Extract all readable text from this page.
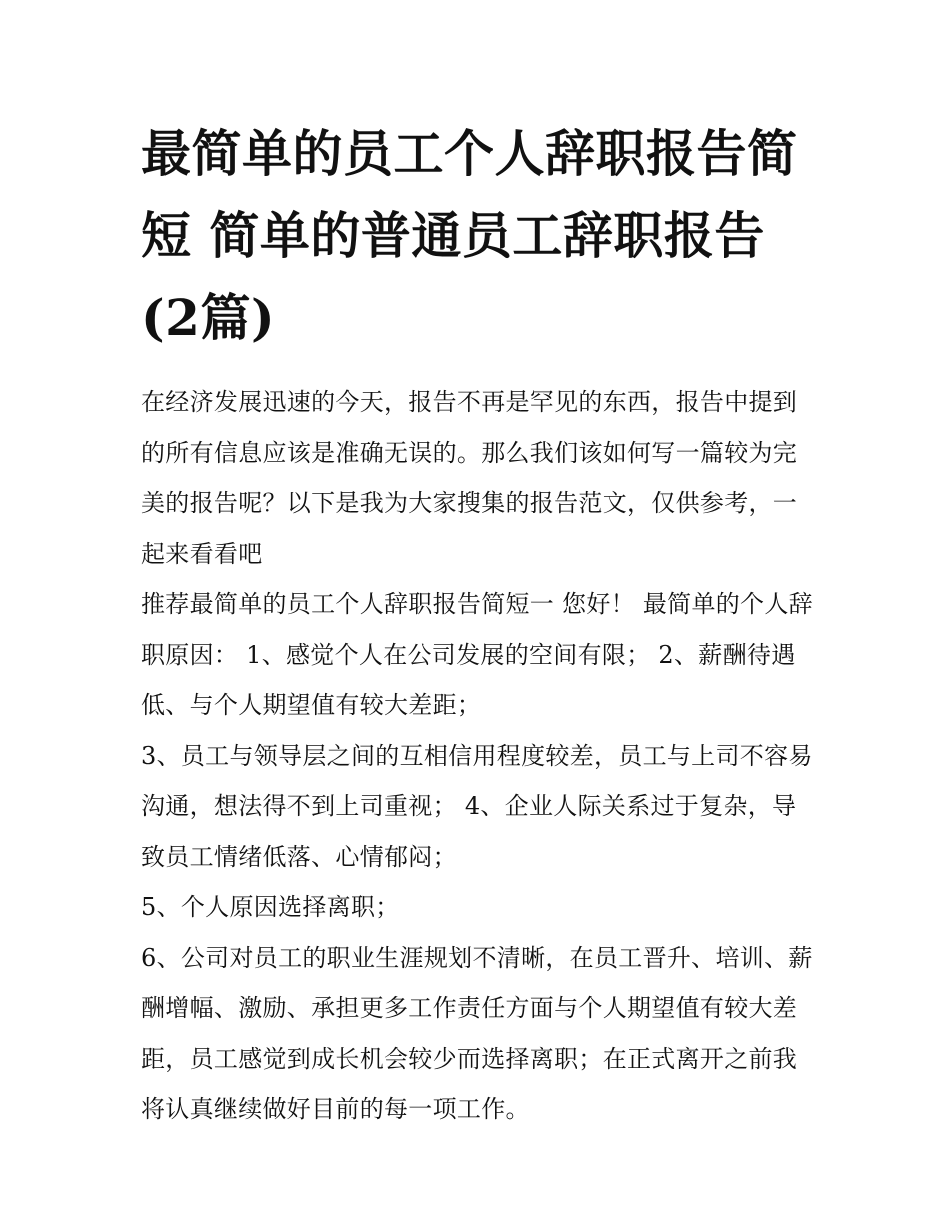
最简单的员工个人辞职报告简短 简单的普通员工辞职报告(2篇)

在经济发展迅速的今天，报告不再是罕见的东西，报告中提到的所有信息应该是准确无误的。那么我们该如何写一篇较为完美的报告呢？以下是我为大家搜集的报告范文，仅供参考，一起来看看吧

推荐最简单的员工个人辞职报告简短一 您好！ 最简单的个人辞职原因： 1、感觉个人在公司发展的空间有限； 2、薪酬待遇低、与个人期望值有较大差距；

3、员工与领导层之间的互相信用程度较差，员工与上司不容易沟通，想法得不到上司重视； 4、企业人际关系过于复杂，导致员工情绪低落、心情郁闷；

5、个人原因选择离职；

6、公司对员工的职业生涯规划不清晰，在员工晋升、培训、薪酬增幅、激励、承担更多工作责任方面与个人期望值有较大差距，员工感觉到成长机会较少而选择离职；在正式离开之前我将认真继续做好目前的每一项工作。
